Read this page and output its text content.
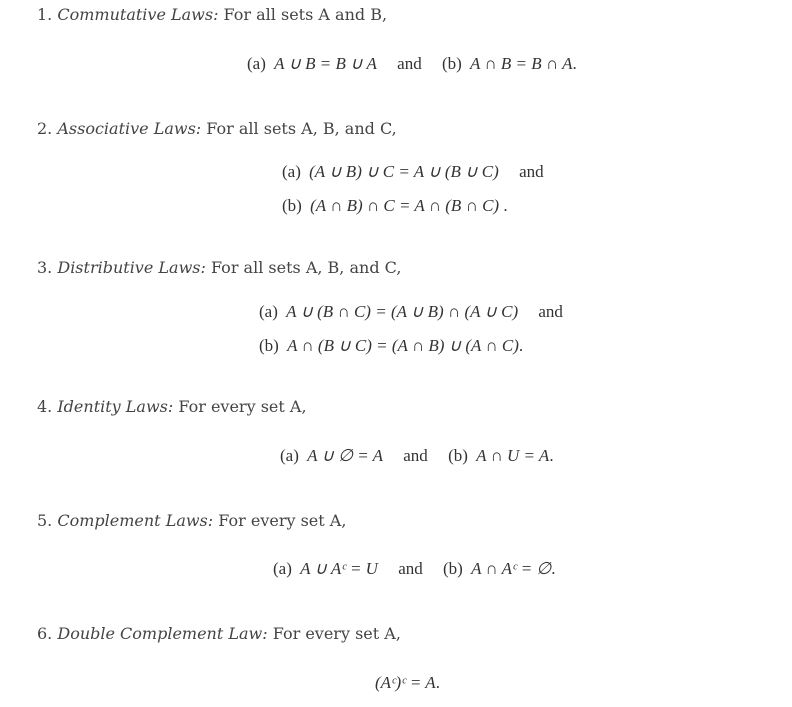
1. Commutative Laws: For all sets A and B,
(a) A ∪ B = B ∪ A and (b) A ∩ B = B ∩ A.
2. Associative Laws: For all sets A, B, and C,
(a) (A ∪ B) ∪ C = A ∪ (B ∪ C) and
(b) (A ∩ B) ∩ C = A ∩ (B ∩ C) .
3. Distributive Laws: For all sets A, B, and C,
(a) A ∪ (B ∩ C) = (A ∪ B) ∩ (A ∪ C) and
(b) A ∩ (B ∪ C) = (A ∩ B) ∪ (A ∩ C).
4. Identity Laws: For every set A,
(a) A ∪ ∅ = A and (b) A ∩ U = A.
5. Complement Laws: For every set A,
(a) A ∪ Aᶜ = U and (b) A ∩ Aᶜ = ∅.
6. Double Complement Law: For every set A,
(Aᶜ)ᶜ = A.
